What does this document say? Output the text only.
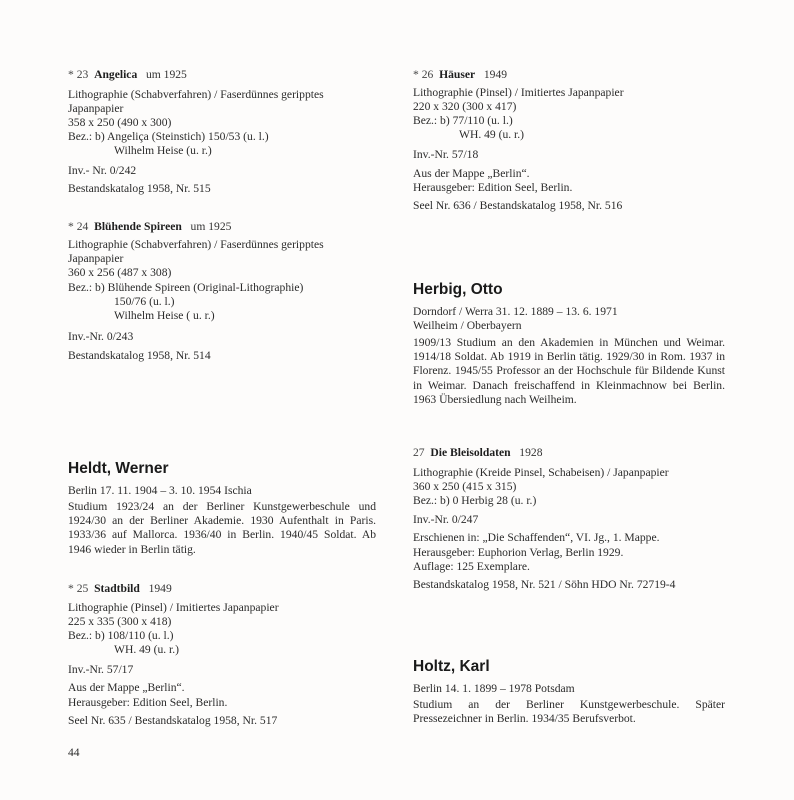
* 23 Angelica um 1925
Lithographie (Schabverfahren) / Faserdünnes geripptes
Japanpapier
358 x 250 (490 x 300)
Bez.: b) Angeliça (Steinstich) 150/53 (u. l.)
Wilhelm Heise (u. r.)
Inv.- Nr. 0/242
Bestandskatalog 1958, Nr. 515
* 24 Blühende Spireen um 1925
Lithographie (Schabverfahren) / Faserdünnes geripptes
Japanpapier
360 x 256 (487 x 308)
Bez.: b) Blühende Spireen (Original-Lithographie)
150/76 (u. l.)
Wilhelm Heise ( u. r.)
Inv.-Nr. 0/243
Bestandskatalog 1958, Nr. 514
Heldt, Werner
Berlin 17. 11. 1904 – 3. 10. 1954 Ischia
Studium 1923/24 an der Berliner Kunstgewerbeschule und 1924/30 an der Berliner Akademie. 1930 Aufenthalt in Paris. 1933/36 auf Mallorca. 1936/40 in Berlin. 1940/45 Soldat. Ab 1946 wieder in Berlin tätig.
* 25 Stadtbild 1949
Lithographie (Pinsel) / Imitiertes Japanpapier
225 x 335 (300 x 418)
Bez.: b) 108/110 (u. l.)
WH. 49 (u. r.)
Inv.-Nr. 57/17
Aus der Mappe „Berlin“.
Herausgeber: Edition Seel, Berlin.
Seel Nr. 635 / Bestandskatalog 1958, Nr. 517
* 26 Häuser 1949
Lithographie (Pinsel) / Imitiertes Japanpapier
220 x 320 (300 x 417)
Bez.: b) 77/110 (u. l.)
WH. 49 (u. r.)
Inv.-Nr. 57/18
Aus der Mappe „Berlin“.
Herausgeber: Edition Seel, Berlin.
Seel Nr. 636 / Bestandskatalog 1958, Nr. 516
Herbig, Otto
Dorndorf / Werra 31. 12. 1889 – 13. 6. 1971
Weilheim / Oberbayern
1909/13 Studium an den Akademien in München und Weimar. 1914/18 Soldat. Ab 1919 in Berlin tätig. 1929/30 in Rom. 1937 in Florenz. 1945/55 Professor an der Hochschule für Bildende Kunst in Weimar. Danach freischaffend in Kleinmachnow bei Berlin. 1963 Übersiedlung nach Weilheim.
27 Die Bleisoldaten 1928
Lithographie (Kreide Pinsel, Schabeisen) / Japanpapier
360 x 250 (415 x 315)
Bez.: b) 0 Herbig 28 (u. r.)
Inv.-Nr. 0/247
Erschienen in: „Die Schaffenden“, VI. Jg., 1. Mappe.
Herausgeber: Euphorion Verlag, Berlin 1929.
Auflage: 125 Exemplare.
Bestandskatalog 1958, Nr. 521 / Söhn HDO Nr. 72719-4
Holtz, Karl
Berlin 14. 1. 1899 – 1978 Potsdam
Studium an der Berliner Kunstgewerbeschule. Später Pressezeichner in Berlin. 1934/35 Berufsverbot.
44
